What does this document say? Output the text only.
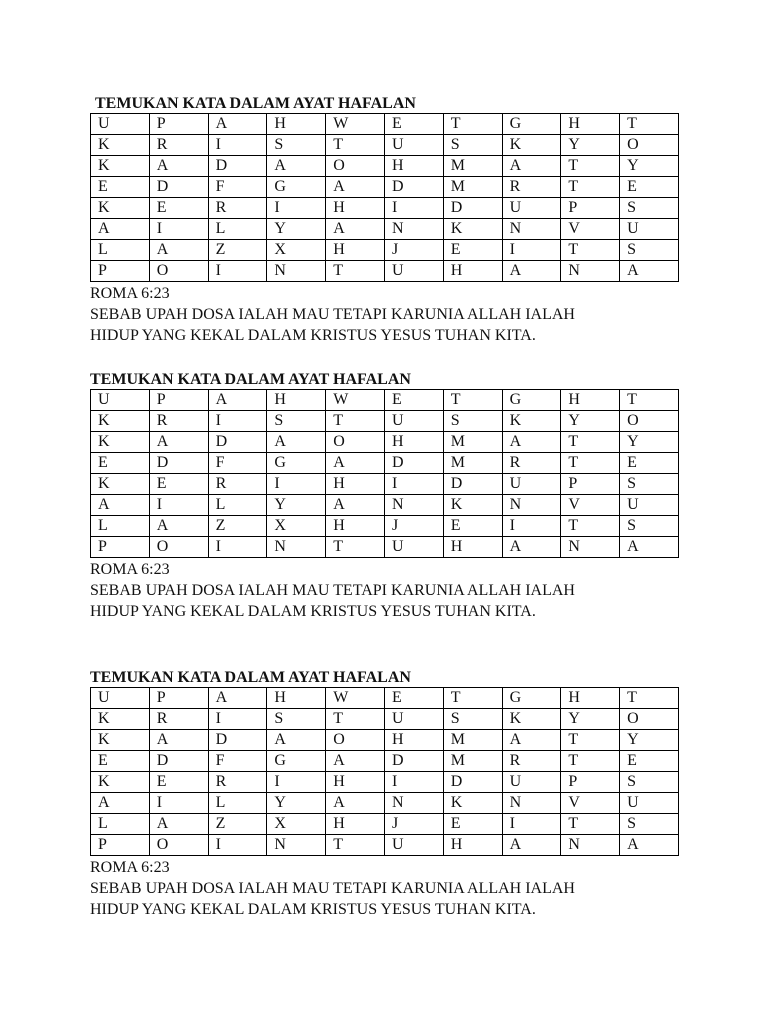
TEMUKAN KATA DALAM AYAT HAFALAN
U	P	A	H	W	E	T	G	H	T
K	R	I	S	T	U	S	K	Y	O
K	A	D	A	O	H	M	A	T	Y
E	D	F	G	A	D	M	R	T	E
K	E	R	I	H	I	D	U	P	S
A	I	L	Y	A	N	K	N	V	U
L	A	Z	X	H	J	E	I	T	S
P	O	I	N	T	U	H	A	N	A
ROMA 6:23
SEBAB UPAH DOSA IALAH MAU TETAPI KARUNIA ALLAH IALAH
HIDUP YANG KEKAL DALAM KRISTUS YESUS TUHAN KITA.
TEMUKAN KATA DALAM AYAT HAFALAN
U	P	A	H	W	E	T	G	H	T
K	R	I	S	T	U	S	K	Y	O
K	A	D	A	O	H	M	A	T	Y
E	D	F	G	A	D	M	R	T	E
K	E	R	I	H	I	D	U	P	S
A	I	L	Y	A	N	K	N	V	U
L	A	Z	X	H	J	E	I	T	S
P	O	I	N	T	U	H	A	N	A
ROMA 6:23
SEBAB UPAH DOSA IALAH MAU TETAPI KARUNIA ALLAH IALAH
HIDUP YANG KEKAL DALAM KRISTUS YESUS TUHAN KITA.
TEMUKAN KATA DALAM AYAT HAFALAN
U	P	A	H	W	E	T	G	H	T
K	R	I	S	T	U	S	K	Y	O
K	A	D	A	O	H	M	A	T	Y
E	D	F	G	A	D	M	R	T	E
K	E	R	I	H	I	D	U	P	S
A	I	L	Y	A	N	K	N	V	U
L	A	Z	X	H	J	E	I	T	S
P	O	I	N	T	U	H	A	N	A
ROMA 6:23
SEBAB UPAH DOSA IALAH MAU TETAPI KARUNIA ALLAH IALAH
HIDUP YANG KEKAL DALAM KRISTUS YESUS TUHAN KITA.
